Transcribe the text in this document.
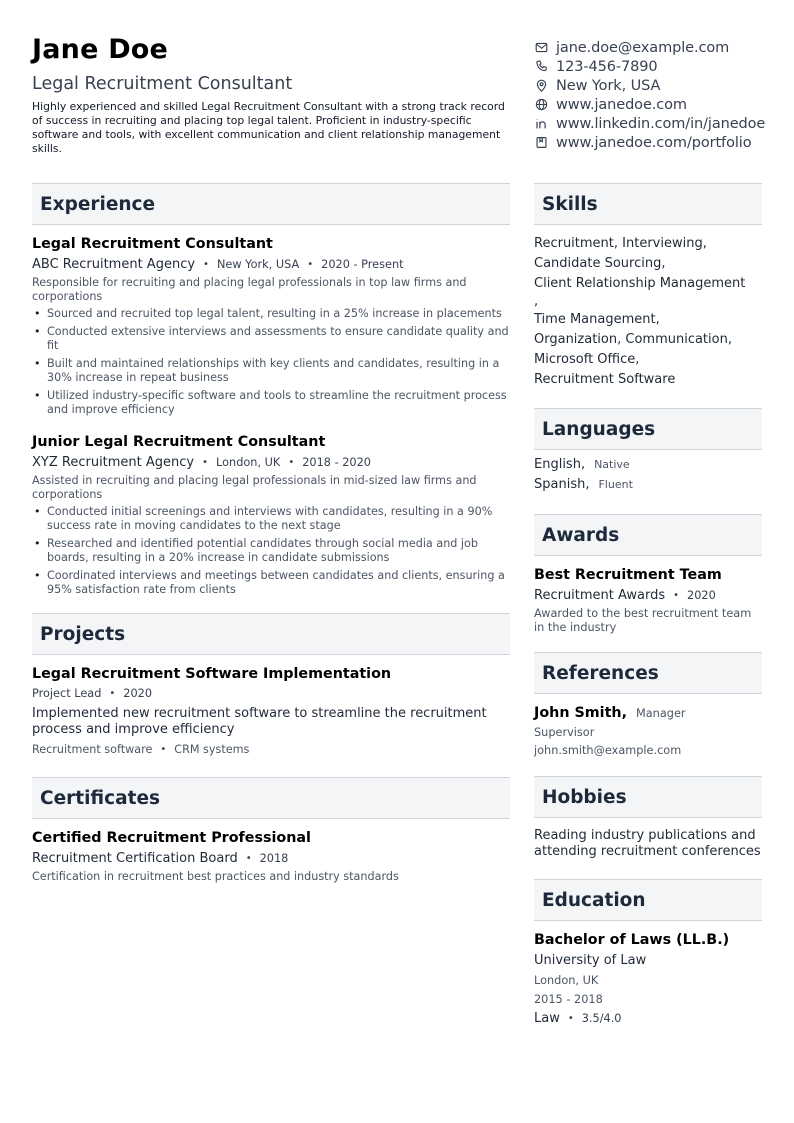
Jane Doe
Legal Recruitment Consultant
Highly experienced and skilled Legal Recruitment Consultant with a strong track record of success in recruiting and placing top legal talent. Proficient in industry-specific software and tools, with excellent communication and client relationship management skills.
jane.doe@example.com
123-456-7890
New York, USA
www.janedoe.com
www.linkedin.com/in/janedoe
www.janedoe.com/portfolio
Experience
Legal Recruitment Consultant
ABC Recruitment Agency • New York, USA • 2020 - Present
Responsible for recruiting and placing legal professionals in top law firms and corporations
• Sourced and recruited top legal talent, resulting in a 25% increase in placements
• Conducted extensive interviews and assessments to ensure candidate quality and fit
• Built and maintained relationships with key clients and candidates, resulting in a 30% increase in repeat business
• Utilized industry-specific software and tools to streamline the recruitment process and improve efficiency
Junior Legal Recruitment Consultant
XYZ Recruitment Agency • London, UK • 2018 - 2020
Assisted in recruiting and placing legal professionals in mid-sized law firms and corporations
• Conducted initial screenings and interviews with candidates, resulting in a 90% success rate in moving candidates to the next stage
• Researched and identified potential candidates through social media and job boards, resulting in a 20% increase in candidate submissions
• Coordinated interviews and meetings between candidates and clients, ensuring a 95% satisfaction rate from clients
Projects
Legal Recruitment Software Implementation
Project Lead • 2020
Implemented new recruitment software to streamline the recruitment process and improve efficiency
Recruitment software • CRM systems
Certificates
Certified Recruitment Professional
Recruitment Certification Board • 2018
Certification in recruitment best practices and industry standards
Skills
Recruitment, Interviewing,
Candidate Sourcing,
Client Relationship Management
,
Time Management,
Organization, Communication,
Microsoft Office,
Recruitment Software
Languages
English, Native
Spanish, Fluent
Awards
Best Recruitment Team
Recruitment Awards • 2020
Awarded to the best recruitment team in the industry
References
John Smith, Manager
Supervisor
john.smith@example.com
Hobbies
Reading industry publications and attending recruitment conferences
Education
Bachelor of Laws (LL.B.)
University of Law
London, UK
2015 - 2018
Law • 3.5/4.0
